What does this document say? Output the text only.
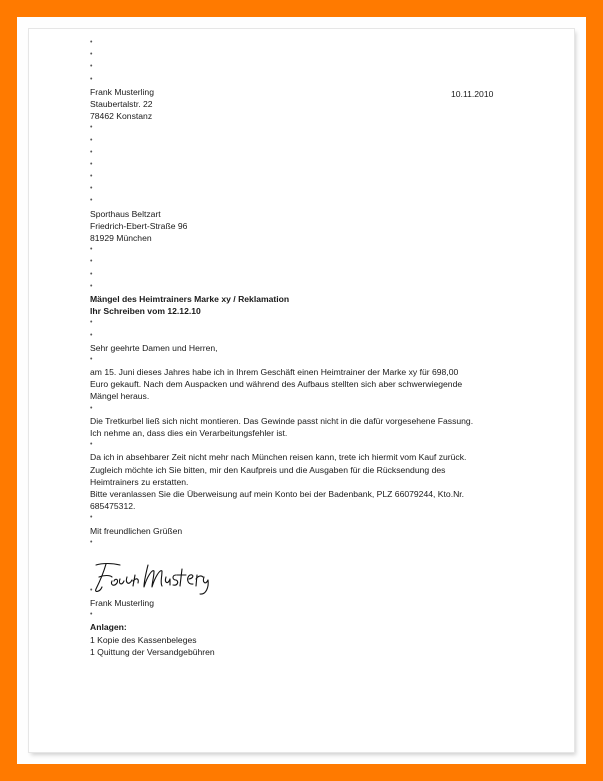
10.11.2010
•
•
•
•
Frank Musterling
Staubertalstr. 22
78462 Konstanz
•
•
•
•
•
•
•
Sporthaus Beltzart
Friedrich-Ebert-Straße 96
81929 München
•
•
•
•
Mängel des Heimtrainers Marke xy / Reklamation
Ihr Schreiben vom 12.12.10
•
•
Sehr geehrte Damen und Herren,
•
am 15. Juni dieses Jahres habe ich in Ihrem Geschäft einen Heimtrainer der Marke xy für 698,00
Euro gekauft. Nach dem Auspacken und während des Aufbaus stellten sich aber schwerwiegende
Mängel heraus.
•
Die Tretkurbel ließ sich nicht montieren. Das Gewinde passt nicht in die dafür vorgesehene Fassung.
Ich nehme an, dass dies ein Verarbeitungsfehler ist.
•
Da ich in absehbarer Zeit nicht mehr nach München reisen kann, trete ich hiermit vom Kauf zurück.
Zugleich möchte ich Sie bitten, mir den Kaufpreis und die Ausgaben für die Rücksendung des
Heimtrainers zu erstatten.
Bitte veranlassen Sie die Überweisung auf mein Konto bei der Badenbank, PLZ 66079244, Kto.Nr.
685475312.
•
Mit freundlichen Grüßen
•
•
Frank Musterling
•
Anlagen:
1 Kopie des Kassenbeleges
1 Quittung der Versandgebühren
Frank Musterling
